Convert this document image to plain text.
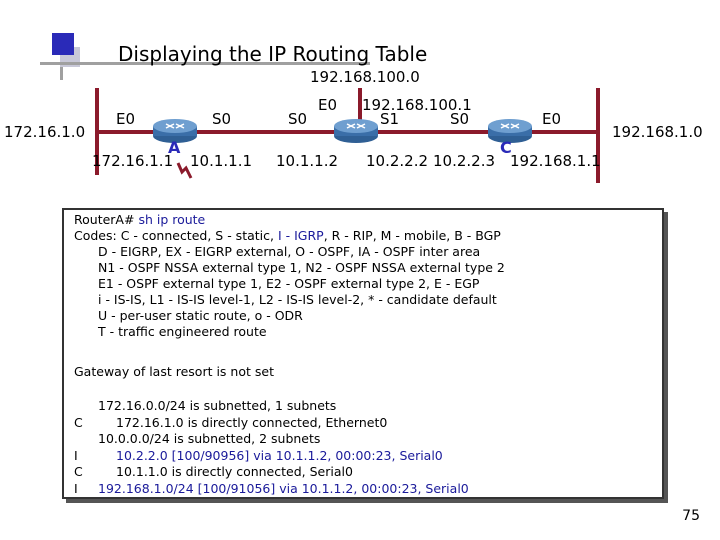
Displaying the IP Routing Table
192.168.100.0
172.16.1.0	192.168.1.0
E0	S0
A
172.16.1.1 10.1.1.1
S0
E0 192.168.100.1
S1
10.1.1.2 10.2.2.2
S0	E0
C
10.2.2.3 192.168.1.1
RouterA# sh ip route
Codes: C - connected, S - static, I - IGRP, R - RIP, M - mobile, B - BGP
D - EIGRP, EX - EIGRP external, O - OSPF, IA - OSPF inter area
N1 - OSPF NSSA external type 1, N2 - OSPF NSSA external type 2
E1 - OSPF external type 1, E2 - OSPF external type 2, E - EGP
i - IS-IS, L1 - IS-IS level-1, L2 - IS-IS level-2, * - candidate default
U - per-user static route, o - ODR
T - traffic engineered route
Gateway of last resort is not set
172.16.0.0/24 is subnetted, 1 subnets
C	172.16.1.0 is directly connected, Ethernet0
10.0.0.0/24 is subnetted, 2 subnets
I	10.2.2.0 [100/90956] via 10.1.1.2, 00:00:23, Serial0
C	10.1.1.0 is directly connected, Serial0
I 192.168.1.0/24 [100/91056] via 10.1.1.2, 00:00:23, Serial0
75
